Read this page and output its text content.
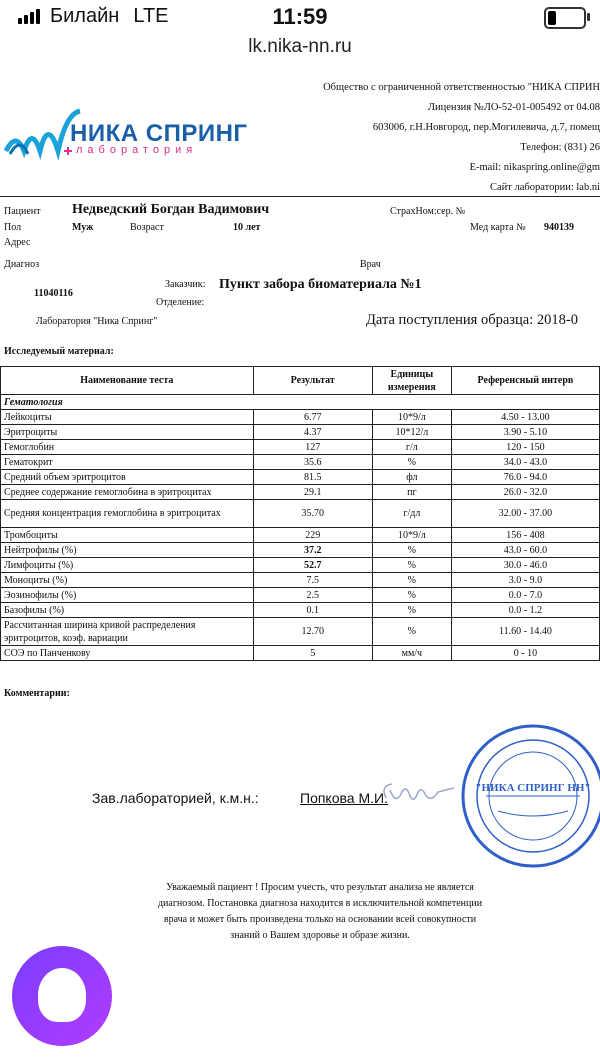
Билайн LTE	11:59
lk.nika-nn.ru
НИКА СПРИНГ
лаборатория
Общество с ограниченной ответственностью "НИКА СПРИН
Лицензия №ЛО-52-01-005492 от 04.08
603006, г.Н.Новгород, пер.Могилевича, д.7, помещ
Телефон: (831) 26
E-mail: nikaspring.online@gm
Сайт лаборатории: lab.ni
Пациент Недведский Богдан Вадимович	СтрахНом:сер. №
Пол	Муж	Возраст	10 лет	Мед карта № 940139
Адрес
Диагноз	Врач
11040116
Заказчик: Пункт забора биоматериала №1
Отделение:
Лаборатория "Ника Спринг"	Дата поступления образца: 2018-0
Исследуемый материал:
Наименование теста	Результат	Единицы измерения	Референсный интерв
Гематология			
Лейкоциты	6.77	10*9/л	4.50 - 13.00
Эритроциты	4.37	10*12/л	3.90 - 5.10
Гемоглобин	127	г/л	120 - 150
Гематокрит	35.6	%	34.0 - 43.0
Средний объем эритроцитов	81.5	фл	76.0 - 94.0
Среднее содержание гемоглобина в эритроцитах	29.1	пг	26.0 - 32.0
Средняя концентрация гемоглобина в эритроцитах	35.70	г/дл	32.00 - 37.00
Тромбоциты	229	10*9/л	156 - 408
Нейтрофилы (%)	37.2	%	43.0 - 60.0
Лимфоциты (%)	52.7	%	30.0 - 46.0
Моноциты (%)	7.5	%	3.0 - 9.0
Эозинофилы (%)	2.5	%	0.0 - 7.0
Базофилы (%)	0.1	%	0.0 - 1.2
Рассчитанная ширина кривой распределения эритроцитов, коэф. вариации	12.70	%	11.60 - 14.40
СОЭ по Панченкову	5	мм/ч	0 - 10
Комментарии:
Зав.лабораторией, к.м.н.:	Попкова М.И.
"НИКА СПРИНГ НН"
Уважаемый пациент ! Просим учесть, что результат анализа не является
диагнозом. Постановка диагноза находится в исключительной компетенции
врача и может быть произведена только на основании всей совокупности
знаний о Вашем здоровье и образе жизни.
